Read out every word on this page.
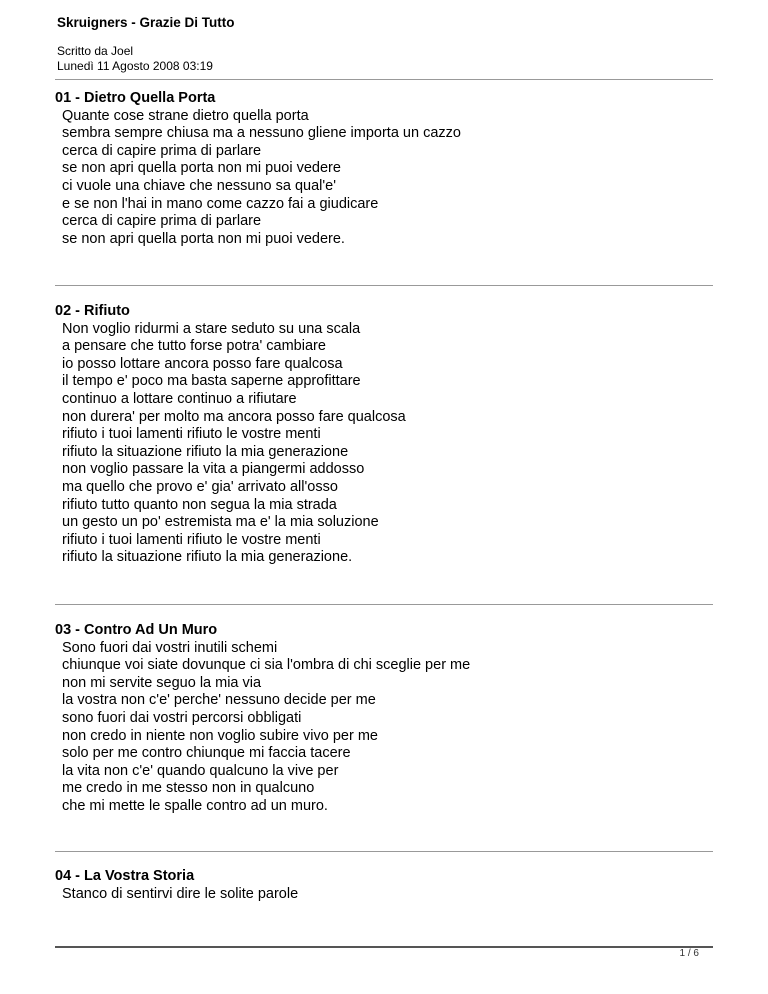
Skruigners - Grazie Di Tutto
Scritto da Joel
Lunedì 11 Agosto 2008 03:19
01 - Dietro Quella Porta
Quante cose strane dietro quella porta
sembra sempre chiusa ma a nessuno gliene importa un cazzo
cerca di capire prima di parlare
se non apri quella porta non mi puoi vedere
ci vuole una chiave che nessuno sa qual'e'
e se non l'hai in mano come cazzo fai a giudicare
cerca di capire prima di parlare
se non apri quella porta non mi puoi vedere.
02 - Rifiuto
Non voglio ridurmi a stare seduto su una scala
a pensare che tutto forse potra' cambiare
io posso lottare ancora posso fare qualcosa
il tempo e' poco ma basta saperne approfittare
continuo a lottare continuo a rifiutare
non durera' per molto ma ancora posso fare qualcosa
rifiuto i tuoi lamenti rifiuto le vostre menti
rifiuto la situazione rifiuto la mia generazione
non voglio passare la vita a piangermi addosso
ma quello che provo e' gia' arrivato all'osso
rifiuto tutto quanto non segua la mia strada
un gesto un po' estremista ma e' la mia soluzione
rifiuto i tuoi lamenti rifiuto le vostre menti
rifiuto la situazione rifiuto la mia generazione.
03 - Contro Ad Un Muro
Sono fuori dai vostri inutili schemi
chiunque voi siate dovunque ci sia l'ombra di chi sceglie per me
non mi servite seguo la mia via
la vostra non c'e' perche' nessuno decide per me
sono fuori dai vostri percorsi obbligati
non credo in niente non voglio subire vivo per me
solo per me contro chiunque mi faccia tacere
la vita non c'e' quando qualcuno la vive per
me credo in me stesso non in qualcuno
che mi mette le spalle contro ad un muro.
04 - La Vostra Storia
Stanco di sentirvi dire le solite parole
1 / 6
